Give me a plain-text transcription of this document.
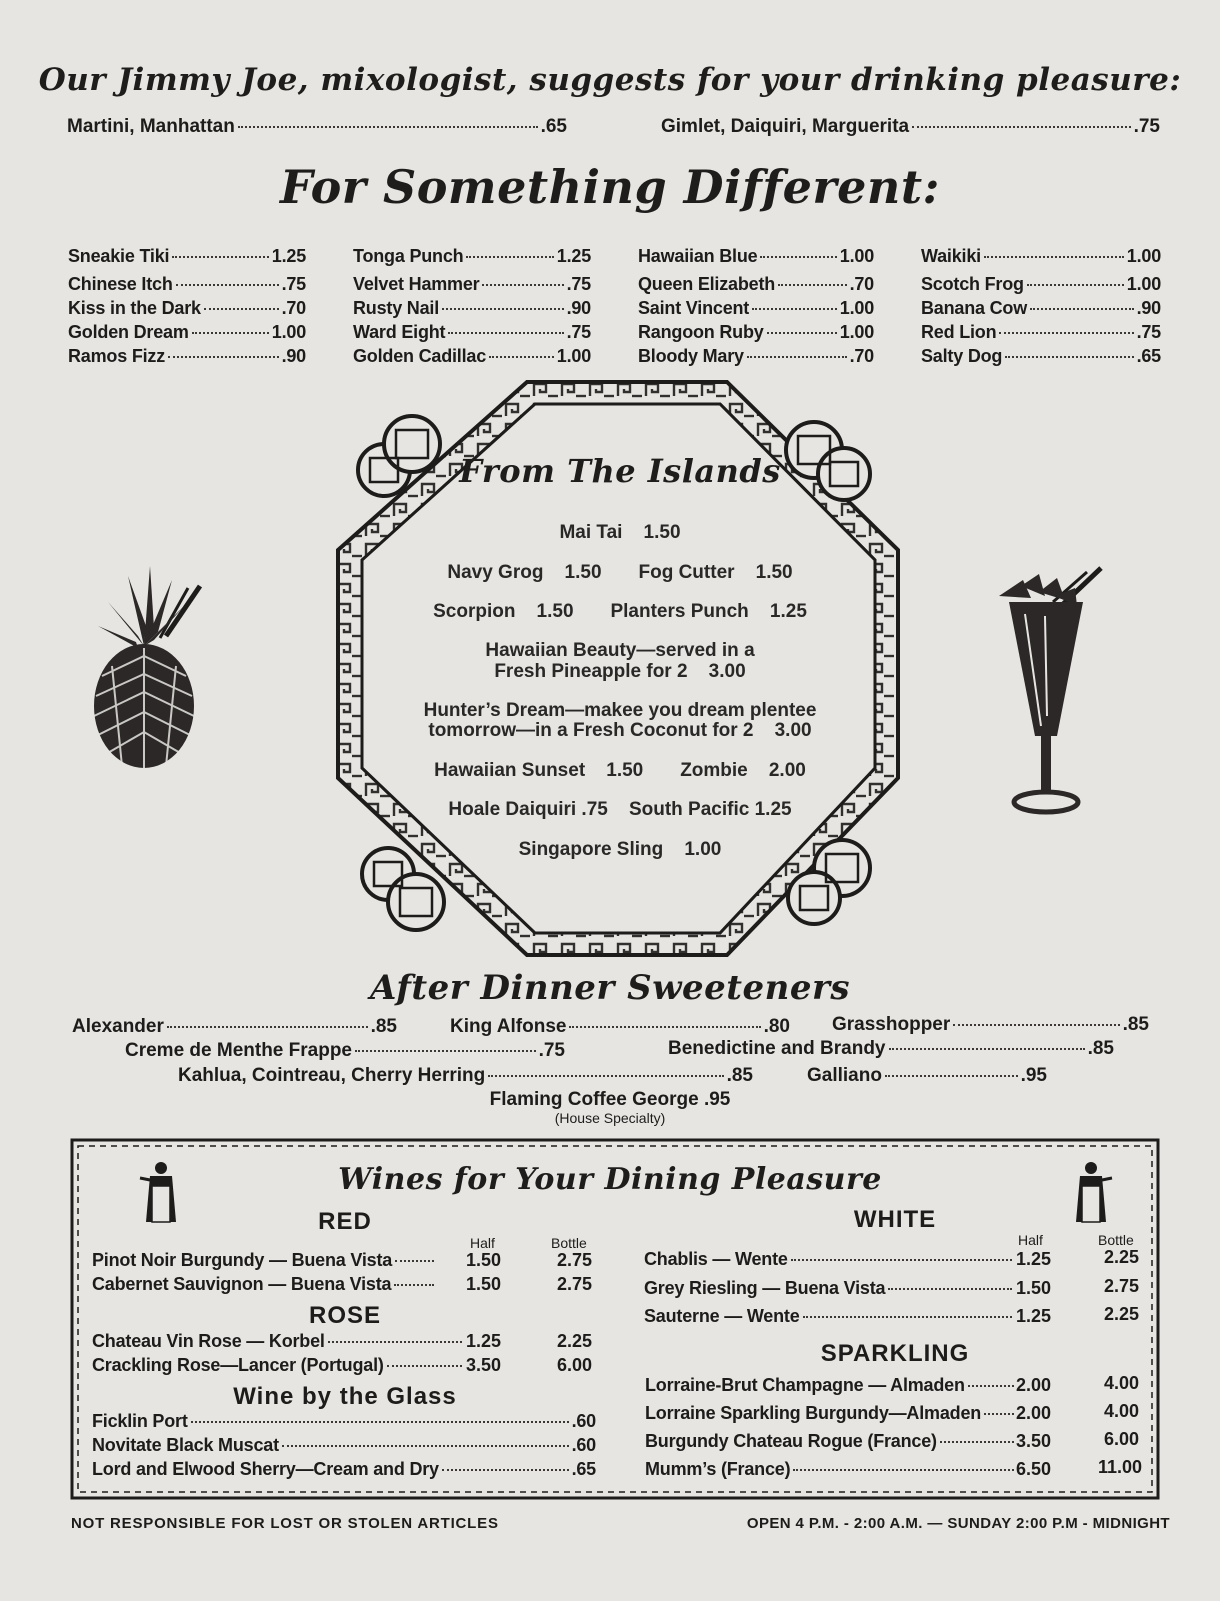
Our Jimmy Joe, mixologist, suggests for your drinking pleasure:
Martini, Manhattan	.65	Gimlet, Daiquiri, Marguerita	.75
For Something Different:
Sneakie Tiki	1.25
Chinese Itch	.75
Kiss in the Dark	.70
Golden Dream	1.00
Ramos Fizz	.90
Tonga Punch	1.25
Velvet Hammer	.75
Rusty Nail	.90
Ward Eight	.75
Golden Cadillac	1.00
Hawaiian Blue	1.00
Queen Elizabeth	.70
Saint Vincent	1.00
Rangoon Ruby	1.00
Bloody Mary	.70
Waikiki	1.00
Scotch Frog	1.00
Banana Cow	.90
Red Lion	.75
Salty Dog	.65
From The Islands
Mai Tai    1.50
Navy Grog    1.50       Fog Cutter    1.50
Scorpion    1.50       Planters Punch    1.25
Hawaiian Beauty—served in a
Fresh Pineapple for 2    3.00
Hunter’s Dream—makee you dream plentee
tomorrow—in a Fresh Coconut for 2    3.00
Hawaiian Sunset    1.50       Zombie    2.00
Hoale Daiquiri .75    South Pacific 1.25
Singapore Sling    1.00
After Dinner Sweeteners
Alexander	.85	King Alfonse	.80 Grasshopper	.85
Creme de Menthe Frappe	.75	Benedictine and Brandy	.85
Kahlua, Cointreau, Cherry Herring	.85	Galliano	.95
Flaming Coffee George .95
(House Specialty)
Wines for Your Dining Pleasure
RED
Half	Bottle
Pinot Noir Burgundy — Buena Vista	1.50	2.75
Cabernet Sauvignon — Buena Vista	1.50	2.75
ROSE
Chateau Vin Rose — Korbel	1.25	2.25
Crackling Rose—Lancer (Portugal)	3.50	6.00
Wine by the Glass
Ficklin Port	.60
Novitate Black Muscat	.60
Lord and Elwood Sherry—Cream and Dry	.65
WHITE
Half	Bottle
Chablis — Wente	1.25	2.25
Grey Riesling — Buena Vista	1.50	2.75
Sauterne — Wente	1.25	2.25
SPARKLING
Lorraine-Brut Champagne — Almaden	2.00	4.00
Lorraine Sparkling Burgundy—Almaden 2.00	4.00
Burgundy Chateau Rogue (France)	3.50	6.00
Mumm’s (France)	6.50	11.00
NOT RESPONSIBLE FOR LOST OR STOLEN ARTICLES	OPEN 4 P.M. - 2:00 A.M. — SUNDAY 2:00 P.M - MIDNIGHT
